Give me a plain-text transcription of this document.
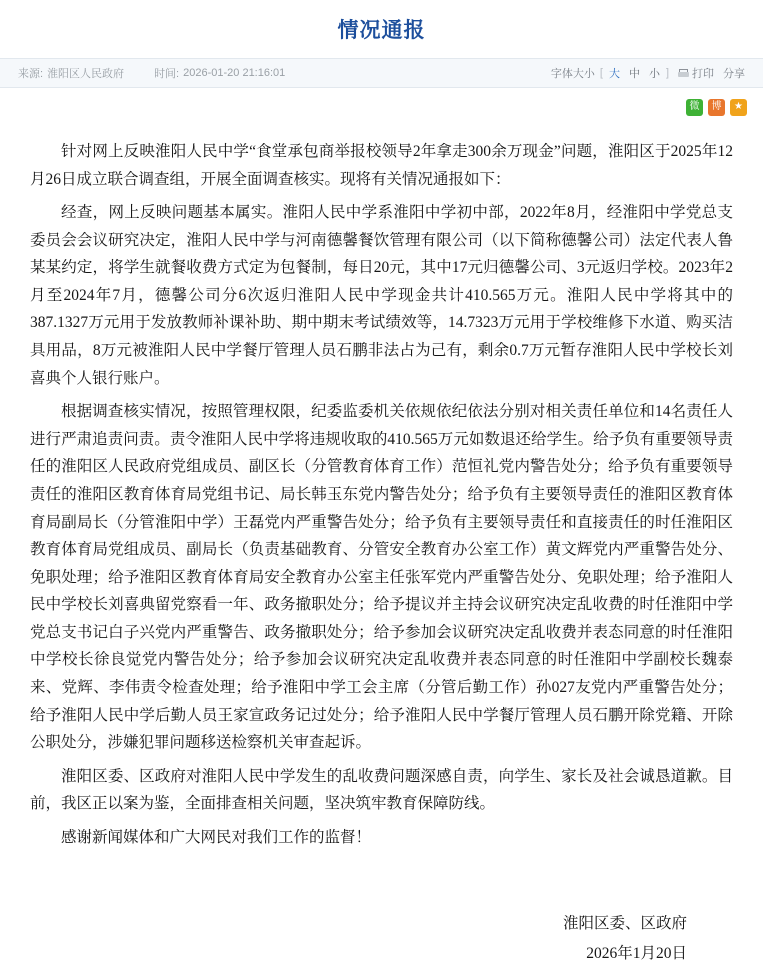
情况通报
来源: 淮阳区人民政府	时间: 2026-01-20 21:16:01	字体大小 [ 大 中 小 ] 打印 分享
微	博	★

针对网上反映淮阳人民中学“食堂承包商举报校领导2年拿走300余万现金”问题，淮阳区于2025年12月26日成立联合调查组，开展全面调查核实。现将有关情况通报如下：

经查，网上反映问题基本属实。淮阳人民中学系淮阳中学初中部，2022年8月，经淮阳中学党总支委员会会议研究决定，淮阳人民中学与河南德馨餐饮管理有限公司（以下简称德馨公司）法定代表人鲁某某约定，将学生就餐收费方式定为包餐制，每日20元，其中17元归德馨公司、3元返归学校。2023年2月至2024年7月，德馨公司分6次返归淮阳人民中学现金共计410.565万元。淮阳人民中学将其中的387.1327万元用于发放教师补课补助、期中期末考试绩效等，14.7323万元用于学校维修下水道、购买洁具用品，8万元被淮阳人民中学餐厅管理人员石鹏非法占为己有，剩余0.7万元暂存淮阳人民中学校长刘喜典个人银行账户。

根据调查核实情况，按照管理权限，纪委监委机关依规依纪依法分别对相关责任单位和14名责任人进行严肃追责问责。责令淮阳人民中学将违规收取的410.565万元如数退还给学生。给予负有重要领导责任的淮阳区人民政府党组成员、副区长（分管教育体育工作）范恒礼党内警告处分；给予负有重要领导责任的淮阳区教育体育局党组书记、局长韩玉东党内警告处分；给予负有主要领导责任的淮阳区教育体育局副局长（分管淮阳中学）王磊党内严重警告处分；给予负有主要领导责任和直接责任的时任淮阳区教育体育局党组成员、副局长（负责基础教育、分管安全教育办公室工作）黄文辉党内严重警告处分、免职处理；给予淮阳区教育体育局安全教育办公室主任张军党内严重警告处分、免职处理；给予淮阳人民中学校长刘喜典留党察看一年、政务撤职处分；给予提议并主持会议研究决定乱收费的时任淮阳中学党总支书记白子兴党内严重警告、政务撤职处分；给予参加会议研究决定乱收费并表态同意的时任淮阳中学校长徐良觉党内警告处分；给予参加会议研究决定乱收费并表态同意的时任淮阳中学副校长魏泰来、党辉、李伟责令检查处理；给予淮阳中学工会主席（分管后勤工作）孙027友党内严重警告处分；给予淮阳人民中学后勤人员王家宣政务记过处分；给予淮阳人民中学餐厅管理人员石鹏开除党籍、开除公职处分，涉嫌犯罪问题移送检察机关审查起诉。

淮阳区委、区政府对淮阳人民中学发生的乱收费问题深感自责，向学生、家长及社会诚恳道歉。目前，我区正以案为鉴，全面排查相关问题，坚决筑牢教育保障防线。

感谢新闻媒体和广大网民对我们工作的监督！

淮阳区委、区政府
2026年1月20日
